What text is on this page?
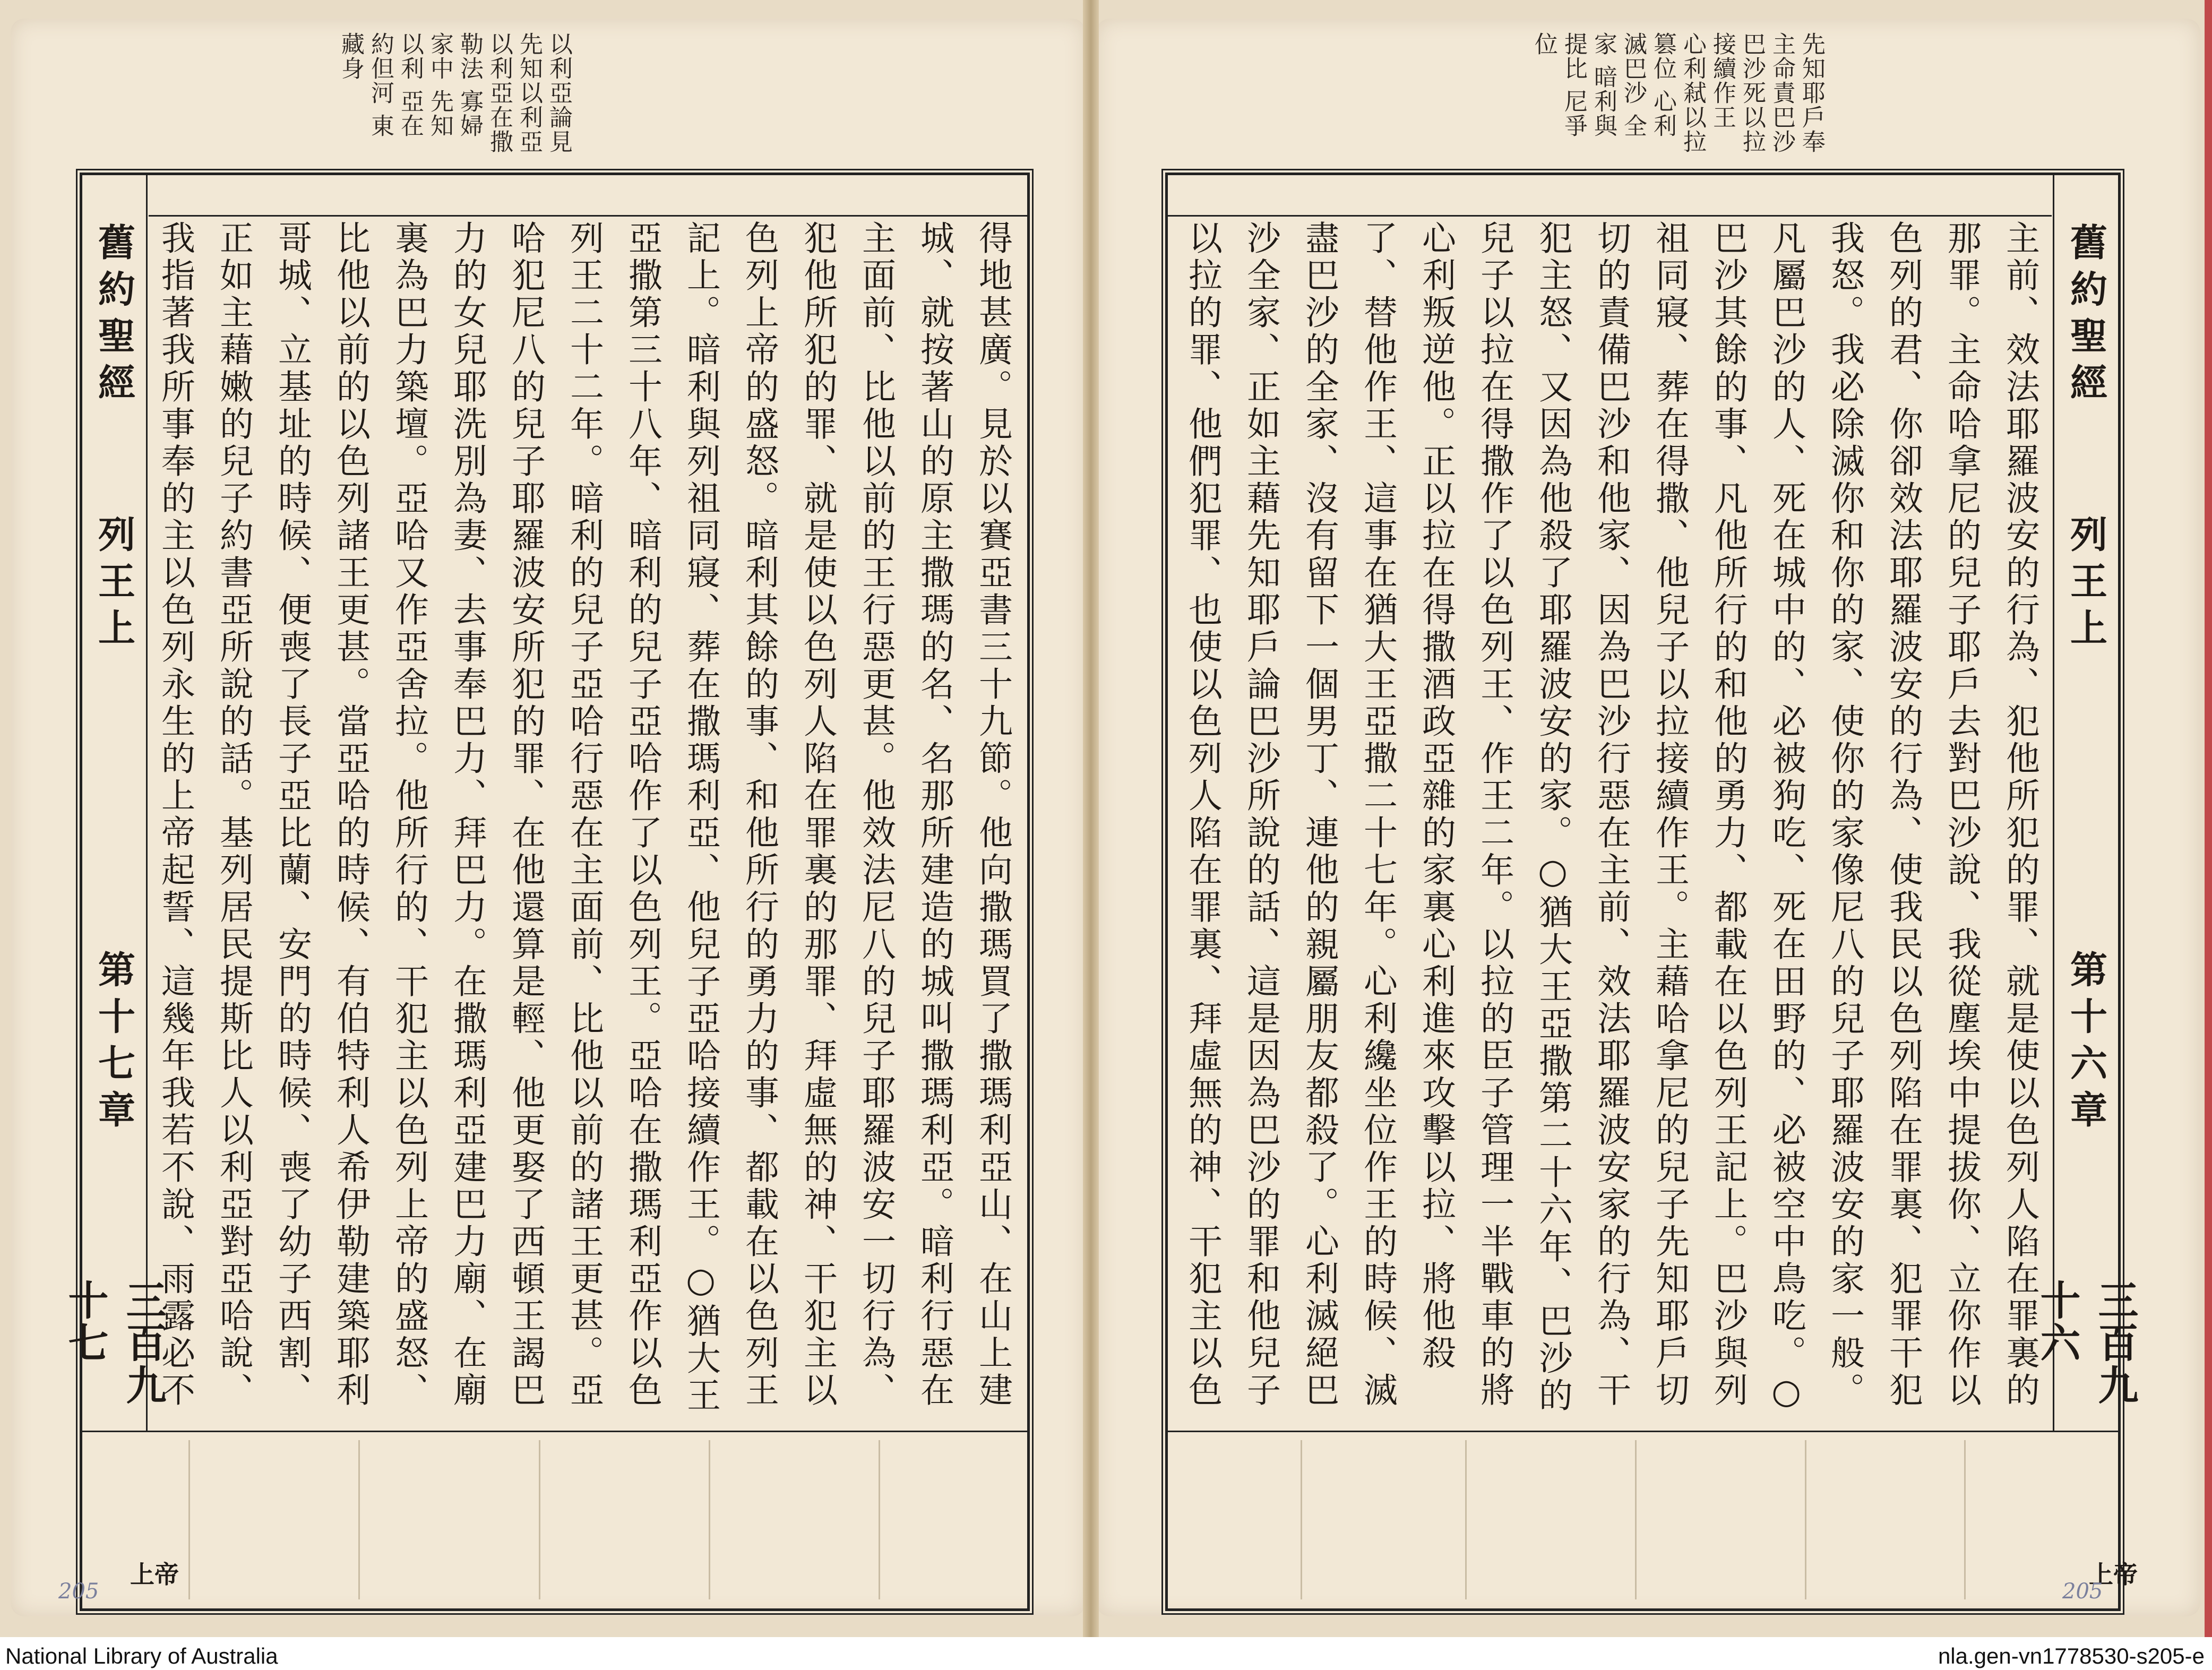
以利亞論見 先知以利亞 以利亞在撒勒法 寡婦家中 先知以利 亞在約但河 東藏身	先知耶戶奉 主命責巴沙 巴沙死以拉 接續作王 心利弒以拉 篡位 心利滅巴沙 全家 暗利與提比 尼爭位
舊約聖經
列王上
第十七章
三百九十七
得地甚廣。見於以賽亞書三十九節。他向撒瑪買了撒瑪利亞山、在山上建城、就按著山的原主撒瑪的名、名那所建造的城叫撒瑪利亞。暗利行惡在主面前、比他以前的王行惡更甚。他效法尼八的兒子耶羅波安一切行為、犯他所犯的罪、就是使以色列人陷在罪裏的那罪、拜虛無的神、干犯主以色列上帝的盛怒。暗利其餘的事、和他所行的勇力的事、都載在以色列王記上。暗利與列祖同寢、葬在撒瑪利亞、他兒子亞哈接續作王。○猶大王亞撒第三十八年、暗利的兒子亞哈作了以色列王。亞哈在撒瑪利亞作以色列王二十二年。暗利的兒子亞哈行惡在主面前、比他以前的諸王更甚。亞哈犯尼八的兒子耶羅波安所犯的罪、在他還算是輕、他更娶了西頓王謁巴力的女兒耶洗別為妻、去事奉巴力、拜巴力。在撒瑪利亞建巴力廟、在廟裏為巴力築壇。亞哈又作亞舍拉。他所行的、干犯主以色列上帝的盛怒、比他以前的以色列諸王更甚。當亞哈的時候、有伯特利人希伊勒建築耶利哥城、立基址的時候、便喪了長子亞比蘭、安門的時候、喪了幼子西割、正如主藉嫩的兒子約書亞所說的話。基列居民提斯比人以利亞對亞哈說、我指著我所事奉的主以色列永生的上帝起誓、這幾年我若不說、雨露必不
舊約聖經
列王上
第十六章
三百九十六
主前、效法耶羅波安的行為、犯他所犯的罪、就是使以色列人陷在罪裏的那罪。主命哈拿尼的兒子耶戶去對巴沙說、我從塵埃中提拔你、立你作以色列的君、你卻效法耶羅波安的行為、使我民以色列陷在罪裏、犯罪干犯我怒。我必除滅你和你的家、使你的家像尼八的兒子耶羅波安的家一般。凡屬巴沙的人、死在城中的、必被狗吃、死在田野的、必被空中鳥吃。○巴沙其餘的事、凡他所行的和他的勇力、都載在以色列王記上。巴沙與列祖同寢、葬在得撒、他兒子以拉接續作王。主藉哈拿尼的兒子先知耶戶切切的責備巴沙和他家、因為巴沙行惡在主前、效法耶羅波安家的行為、干犯主怒、又因為他殺了耶羅波安的家。○猶大王亞撒第二十六年、巴沙的兒子以拉在得撒作了以色列王、作王二年。以拉的臣子管理一半戰車的將心利叛逆他。正以拉在得撒酒政亞雜的家裏心利進來攻擊以拉、將他殺了、替他作王、這事在猶大王亞撒二十七年。心利纔坐位作王的時候、滅盡巴沙的全家、沒有留下一個男丁、連他的親屬朋友都殺了。心利滅絕巴沙全家、正如主藉先知耶戶論巴沙所說的話、這是因為巴沙的罪和他兒子以拉的罪、他們犯罪、也使以色列人陷在罪裏、拜虛無的神、干犯主以色
上帝	上帝
205	205
National Library of Australia	nla.gen-vn1778530-s205-e
